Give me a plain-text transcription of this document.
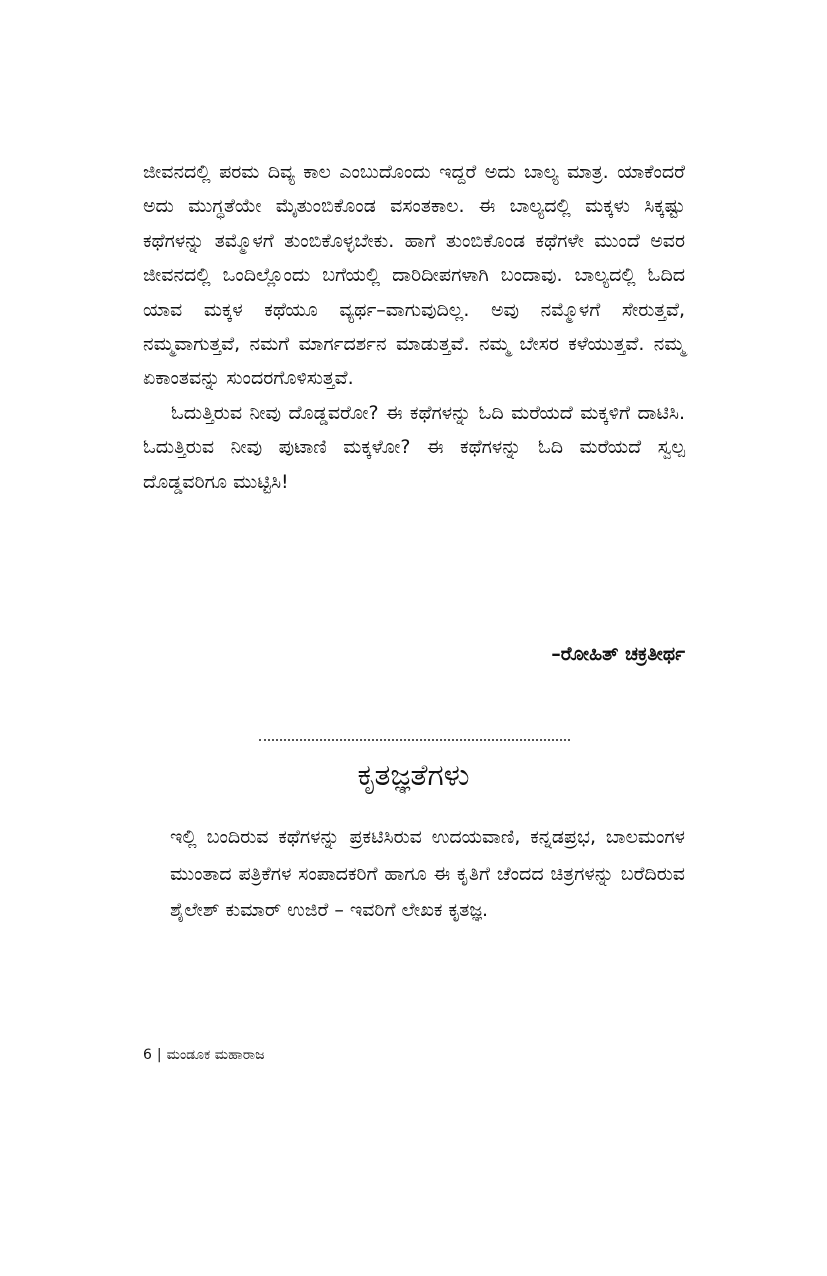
ಜೀವನದಲ್ಲಿ ಪರಮ ದಿವ್ಯ ಕಾಲ ಎಂಬುದೊಂದು ಇದ್ದರೆ ಅದು ಬಾಲ್ಯ ಮಾತ್ರ. ಯಾಕೆಂದರೆ ಅದು ಮುಗ್ಧತೆಯೇ ಮೈತುಂಬಿಕೊಂಡ ವಸಂತಕಾಲ. ಈ ಬಾಲ್ಯದಲ್ಲಿ ಮಕ್ಕಳು ಸಿಕ್ಕಷ್ಟು ಕಥೆಗಳನ್ನು ತಮ್ಮೊಳಗೆ ತುಂಬಿಕೊಳ್ಳಬೇಕು. ಹಾಗೆ ತುಂಬಿಕೊಂಡ ಕಥೆಗಳೇ ಮುಂದೆ ಅವರ ಜೀವನದಲ್ಲಿ ಒಂದಿಲ್ಲೊಂದು ಬಗೆಯಲ್ಲಿ ದಾರಿದೀಪಗಳಾಗಿ ಬಂದಾವು. ಬಾಲ್ಯದಲ್ಲಿ ಓದಿದ ಯಾವ ಮಕ್ಕಳ ಕಥೆಯೂ ವ್ಯರ್ಥ–ವಾಗುವುದಿಲ್ಲ. ಅವು ನಮ್ಮೊಳಗೆ ಸೇರುತ್ತವೆ, ನಮ್ಮವಾಗುತ್ತವೆ, ನಮಗೆ ಮಾರ್ಗದರ್ಶನ ಮಾಡುತ್ತವೆ. ನಮ್ಮ ಬೇಸರ ಕಳೆಯುತ್ತವೆ. ನಮ್ಮ ಏಕಾಂತವನ್ನು ಸುಂದರಗೊಳಿಸುತ್ತವೆ.

ಓದುತ್ತಿರುವ ನೀವು ದೊಡ್ಡವರೋ? ಈ ಕಥೆಗಳನ್ನು ಓದಿ ಮರೆಯದೆ ಮಕ್ಕಳಿಗೆ ದಾಟಿಸಿ. ಓದುತ್ತಿರುವ ನೀವು ಪುಟಾಣಿ ಮಕ್ಕಳೋ? ಈ ಕಥೆಗಳನ್ನು ಓದಿ ಮರೆಯದೆ ಸ್ವಲ್ಪ ದೊಡ್ಡವರಿಗೂ ಮುಟ್ಟಿಸಿ!

–ರೋಹಿತ್ ಚಕ್ರತೀರ್ಥ

ಕೃತಜ್ಞತೆಗಳು

ಇಲ್ಲಿ ಬಂದಿರುವ ಕಥೆಗಳನ್ನು ಪ್ರಕಟಿಸಿರುವ ಉದಯವಾಣಿ, ಕನ್ನಡಪ್ರಭ, ಬಾಲಮಂಗಳ ಮುಂತಾದ ಪತ್ರಿಕೆಗಳ ಸಂಪಾದಕರಿಗೆ ಹಾಗೂ ಈ ಕೃತಿಗೆ ಚೆಂದದ ಚಿತ್ರಗಳನ್ನು ಬರೆದಿರುವ ಶೈಲೇಶ್ ಕುಮಾರ್ ಉಜಿರೆ – ಇವರಿಗೆ ಲೇಖಕ ಕೃತಜ್ಞ.

6 | ಮಂಡೂಕ ಮಹಾರಾಜ
